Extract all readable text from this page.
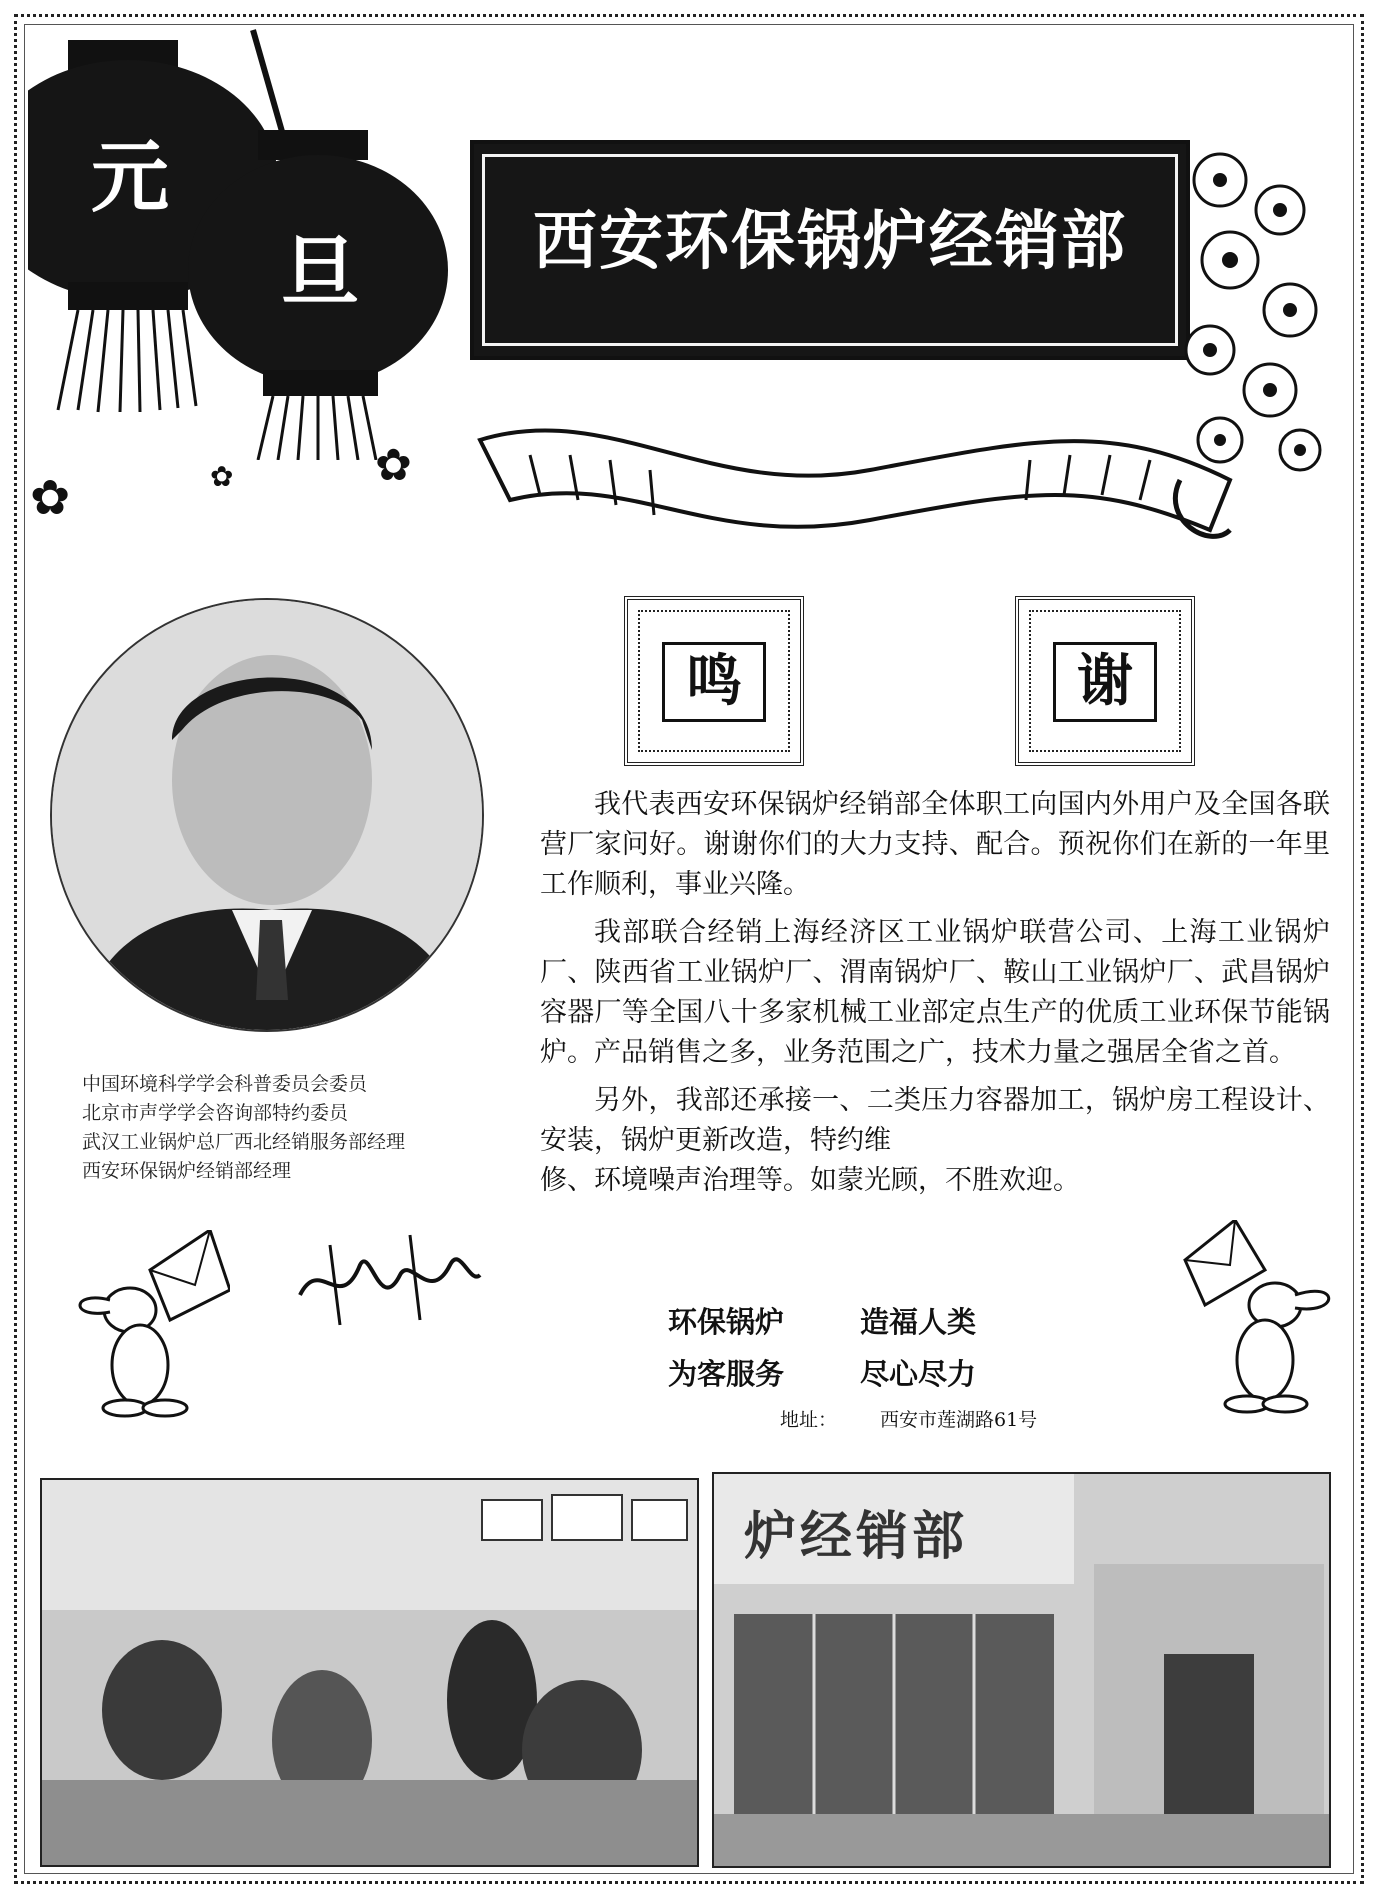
元
旦	西安环保锅炉经销部
✿	✿	✿
鸣	谢
中国环境科学学会科普委员会委员
北京市声学学会咨询部特约委员
武汉工业锅炉总厂西北经销服务部经理
西安环保锅炉经销部经理

我代表西安环保锅炉经销部全体职工向国内外用户及全国各联营厂家问好。谢谢你们的大力支持、配合。预祝你们在新的一年里工作顺利，事业兴隆。

我部联合经销上海经济区工业锅炉联营公司、上海工业锅炉厂、陕西省工业锅炉厂、渭南锅炉厂、鞍山工业锅炉厂、武昌锅炉容器厂等全国八十多家机械工业部定点生产的优质工业环保节能锅炉。产品销售之多，业务范围之广，技术力量之强居全省之首。

另外，我部还承接一、二类压力容器加工，锅炉房工程设计、安装，锅炉更新改造，特约维

修、环境噪声治理等。如蒙光顾，不胜欢迎。

环保锅炉	造福人类
为客服务	尽心尽力
地址： 西安市莲湖路61号
炉经销部
